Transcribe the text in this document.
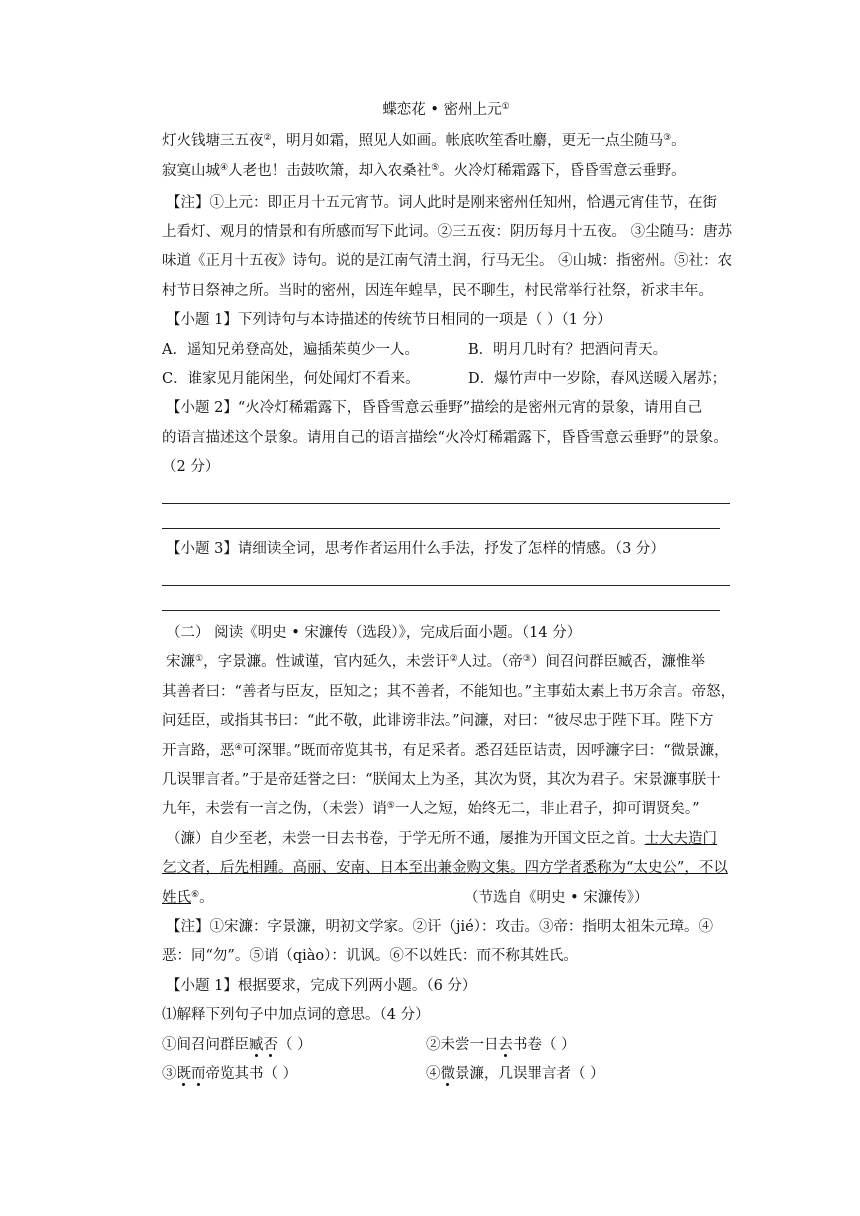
蝶恋花 • 密州上元①
灯火钱塘三五夜②，明月如霜，照见人如画。帐底吹笙香吐麝，更无一点尘随马③。
寂寞山城④人老也！击鼓吹箫，却入农桑社⑤。火冷灯稀霜露下，昏昏雪意云垂野。
【注】①上元：即正月十五元宵节。词人此时是刚来密州任知州，恰遇元宵佳节，在街
上看灯、观月的情景和有所感而写下此词。②三五夜：阴历每月十五夜。 ③尘随马：唐苏
味道《正月十五夜》诗句。说的是江南气清土润，行马无尘。 ④山城：指密州。⑤社：农
村节日祭神之所。当时的密州，因连年蝗旱，民不聊生，村民常举行社祭，祈求丰年。
【小题 1】下列诗句与本诗描述的传统节日相同的一项是（ ）（1 分）
A．遥知兄弟登高处，遍插茱萸少一人。	B．明月几时有？把酒问青天。
C．谁家见月能闲坐，何处闻灯不看来。	D．爆竹声中一岁除，春风送暖入屠苏；
【小题 2】“火冷灯稀霜露下，昏昏雪意云垂野”描绘的是密州元宵的景象，请用自己
的语言描述这个景象。请用自己的语言描绘“火冷灯稀霜露下，昏昏雪意云垂野”的景象。
（2 分）
【小题 3】请细读全词，思考作者运用什么手法，抒发了怎样的情感。（3 分）
（二） 阅读《明史 • 宋濂传（选段）》，完成后面小题。（14 分）
宋濂①，字景濂。性诚谨，官内延久，未尝讦②人过。（帝③）间召问群臣臧否，濂惟举
其善者曰：“善者与臣友，臣知之；其不善者，不能知也。”主事茹太素上书万余言。帝怒，
问廷臣，或指其书曰：“此不敬，此诽谤非法。”问濂，对曰：“彼尽忠于陛下耳。陛下方
开言路，恶④可深罪。”既而帝览其书，有足采者。悉召廷臣诘责，因呼濂字曰：“微景濂，
几误罪言者。”于是帝廷誉之曰：“朕闻太上为圣，其次为贤，其次为君子。宋景濂事朕十
九年，未尝有一言之伪，（未尝）诮⑤一人之短，始终无二，非止君子，抑可谓贤矣。”
（濂）自少至老，未尝一日去书卷，于学无所不通，屡推为开国文臣之首。士大夫造门
乞文者，后先相踵。高丽、安南、日本至出兼金购文集。四方学者悉称为“太史公”，不以
姓氏⑥。	（节选自《明史 • 宋濂传》）
【注】①宋濂：字景濂，明初文学家。②讦（jié）：攻击。③帝：指明太祖朱元璋。④
恶：同“勿”。⑤诮（qiào）：讥讽。⑥不以姓氏：而不称其姓氏。
【小题 1】根据要求，完成下列两小题。（6 分）
⑴解释下列句子中加点词的意思。（4 分）
①间召问群臣臧否（ ）	②未尝一日去书卷（ ）
③既而帝览其书（ ）	④微景濂，几误罪言者（ ）
